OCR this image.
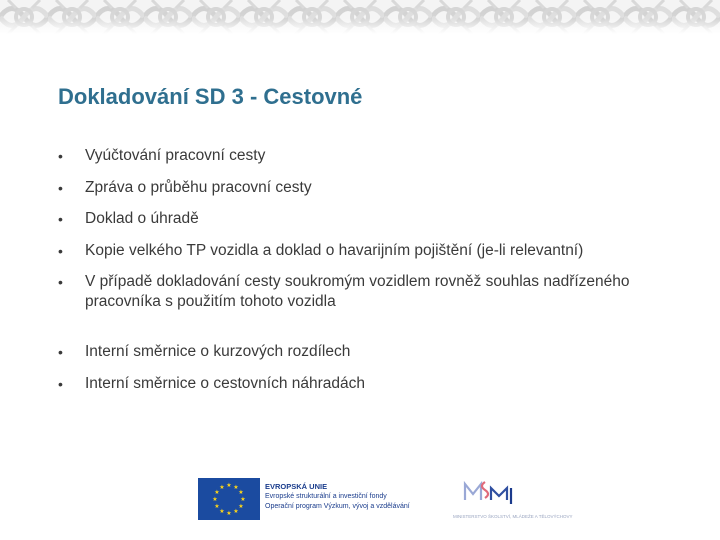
Dokladování SD 3 - Cestovné
• Vyúčtování pracovní cesty
• Zpráva o průběhu pracovní cesty
• Doklad o úhradě
• Kopie velkého TP vozidla a doklad o havarijním pojištění (je-li relevantní)
• V případě dokladování cesty soukromým vozidlem rovněž souhlas nadřízeného pracovníka s použitím tohoto vozidla
• Interní směrnice o kurzových rozdílech
• Interní směrnice o cestovních náhradách
★ ★
★
★
★
★
★
★
★
★
★
★	EVROPSKÁ UNIE
Evropské strukturální a investiční fondy
Operační program Výzkum, vývoj a vzdělávání
MINISTERSTVO ŠKOLSTVÍ, MLÁDEŽE A TĚLOVÝCHOVY
